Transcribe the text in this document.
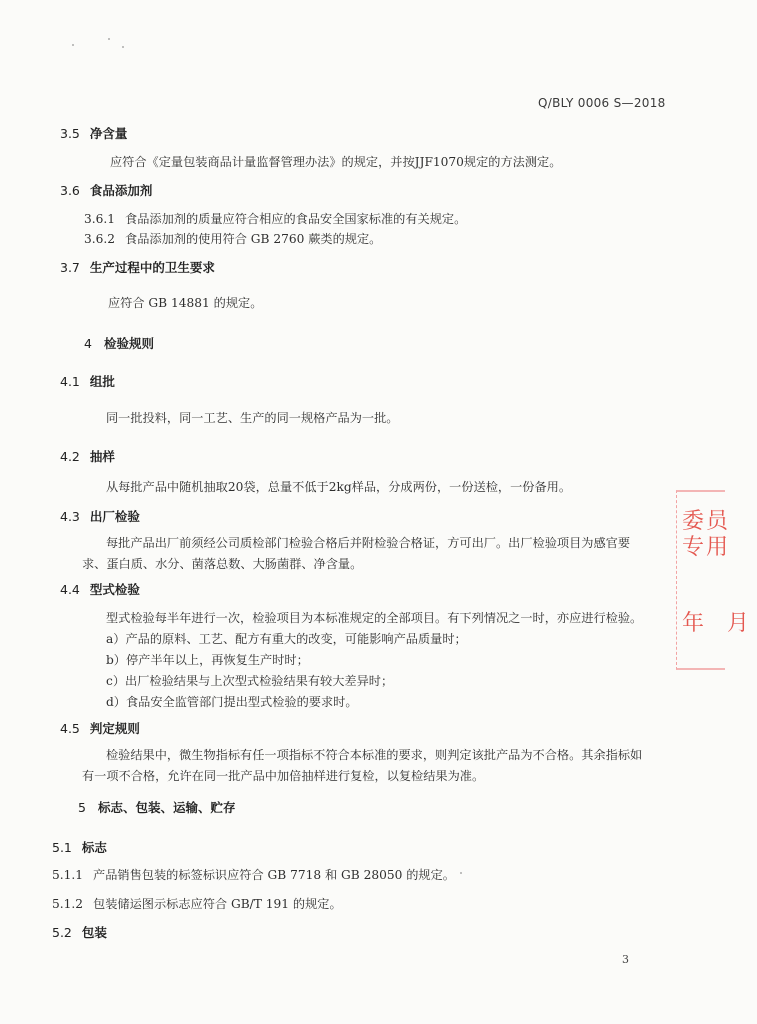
Q/BLY 0006 S—2018
3.5 净含量
应符合《定量包装商品计量监督管理办法》的规定，并按JJF1070规定的方法测定。
3.6 食品添加剂
3.6.1 食品添加剂的质量应符合相应的食品安全国家标准的有关规定。
3.6.2 食品添加剂的使用符合 GB 2760 蕨类的规定。
3.7 生产过程中的卫生要求
应符合 GB 14881 的规定。
4 检验规则
4.1 组批
同一批投料，同一工艺、生产的同一规格产品为一批。
4.2 抽样
从每批产品中随机抽取20袋，总量不低于2kg样品，分成两份，一份送检，一份备用。
4.3 出厂检验
每批产品出厂前须经公司质检部门检验合格后并附检验合格证，方可出厂。出厂检验项目为感官要求、蛋白质、水分、菌落总数、大肠菌群、净含量。
4.4 型式检验
型式检验每半年进行一次，检验项目为本标准规定的全部项目。有下列情况之一时，亦应进行检验。
a）产品的原料、工艺、配方有重大的改变，可能影响产品质量时；
b）停产半年以上，再恢复生产时时；
c）出厂检验结果与上次型式检验结果有较大差异时；
d）食品安全监管部门提出型式检验的要求时。
4.5 判定规则
检验结果中，微生物指标有任一项指标不符合本标准的要求，则判定该批产品为不合格。其余指标如有一项不合格，允许在同一批产品中加倍抽样进行复检，以复检结果为准。
5 标志、包装、运输、贮存
5.1 标志
5.1.1 产品销售包装的标签标识应符合 GB 7718 和 GB 28050 的规定。
5.1.2 包装储运图示标志应符合 GB/T 191 的规定。
5.2 包装
3
委员
专用
年 月
